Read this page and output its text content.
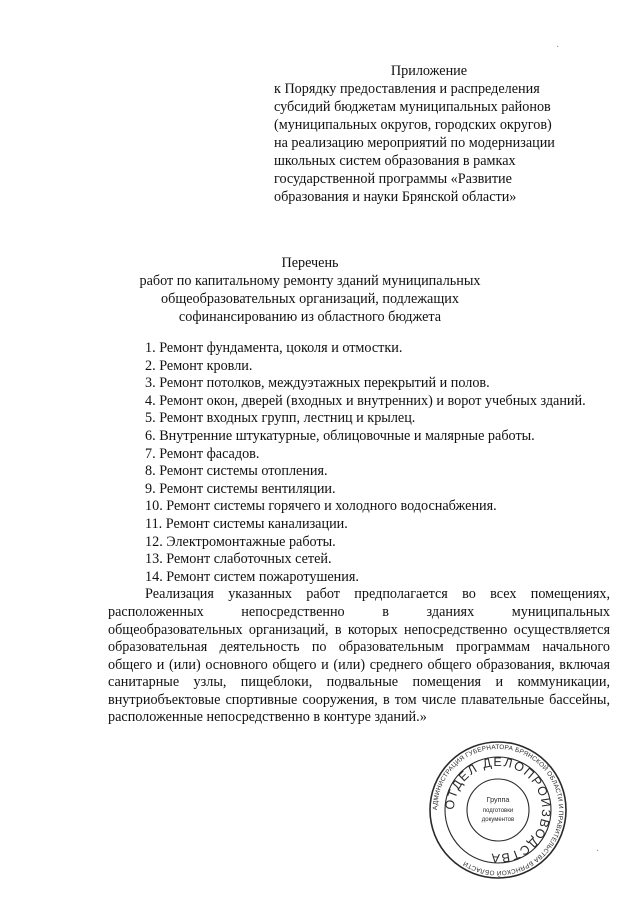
Приложение
к Порядку предоставления и распределения
субсидий бюджетам муниципальных районов
(муниципальных округов, городских округов)
на реализацию мероприятий по модернизации
школьных систем образования в рамках
государственной программы «Развитие
образования и науки Брянской области»
Перечень
работ по капитальному ремонту зданий муниципальных
общеобразовательных организаций, подлежащих
софинансированию из областного бюджета

1. Ремонт фундамента, цоколя и отмостки.

2. Ремонт кровли.

3. Ремонт потолков, междуэтажных перекрытий и полов.

4. Ремонт окон, дверей (входных и внутренних) и ворот учебных зданий.

5. Ремонт входных групп, лестниц и крылец.

6. Внутренние штукатурные, облицовочные и малярные работы.

7. Ремонт фасадов.

8. Ремонт системы отопления.

9. Ремонт системы вентиляции.

10. Ремонт системы горячего и холодного водоснабжения.

11. Ремонт системы канализации.

12. Электромонтажные работы.

13. Ремонт слаботочных сетей.

14. Ремонт систем пожаротушения.

Реализация указанных работ предполагается во всех помещениях, расположенных непосредственно в зданиях муниципальных общеобразовательных организаций, в которых непосредственно осуществляется образовательная деятельность по образовательным программам начального общего и (или) основного общего и (или) среднего общего образования, включая санитарные узлы, пищеблоки, подвальные помещения и коммуникации, внутриобъектовые спортивные сооружения, в том числе плавательные бассейны, расположенные непосредственно в контуре зданий.»

АДМИНИСТРАЦИЯ ГУБЕРНАТОРА БРЯНСКОЙ ОБЛАСТИ И ПРАВИТЕЛЬСТВА БРЯНСКОЙ ОБЛАСТИ
ОТДЕЛ ДЕЛОПРОИЗВОДСТВА
Группа
подготовки
документов
·
·
